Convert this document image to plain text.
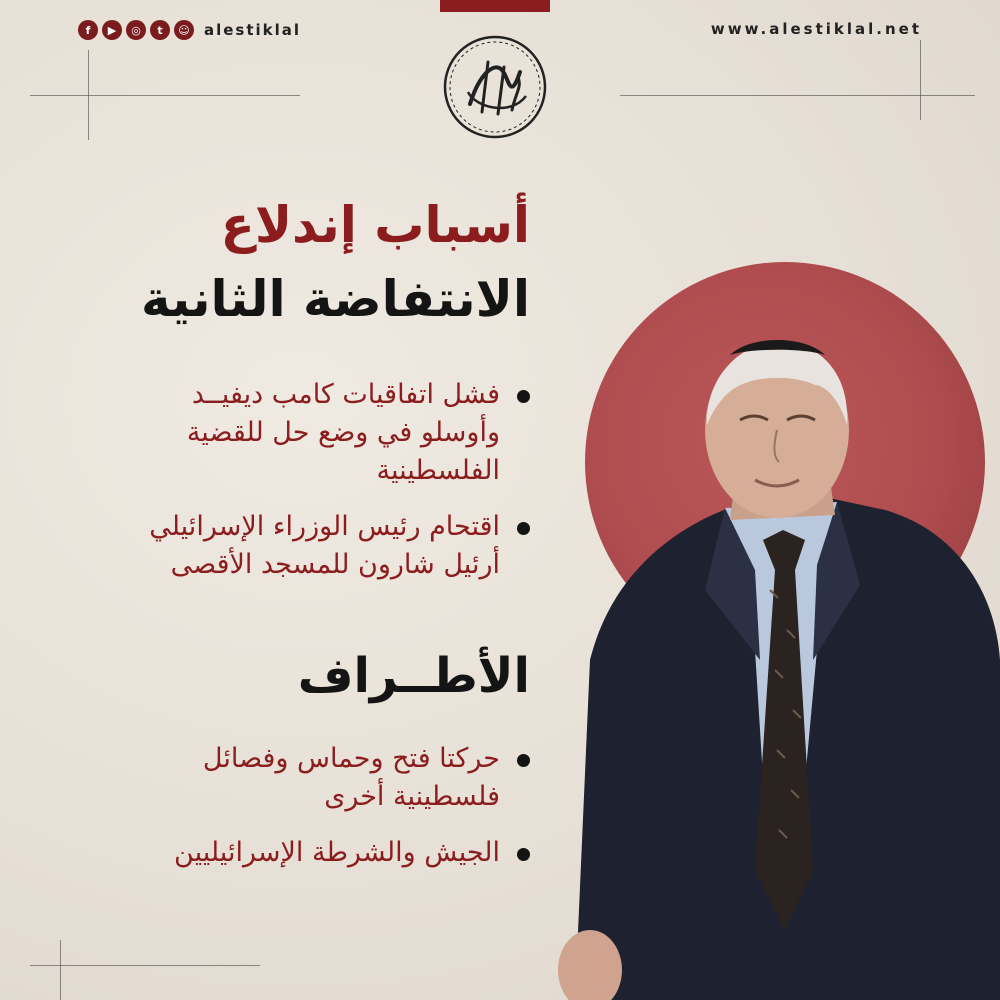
f	▶	◎	t	☺ alestiklal	www.alestiklal.net
أسباب إندلاع
الانتفاضة الثانية
فشل اتفاقيات كامب ديفيــد وأوسلو في وضع حل للقضية الفلسطينية
اقتحام رئيس الوزراء الإسرائيلي أرئيل شارون للمسجد الأقصى
الأطــراف
حركتا فتح وحماس وفصائل فلسطينية أخرى
الجيش والشرطة الإسرائيليين
